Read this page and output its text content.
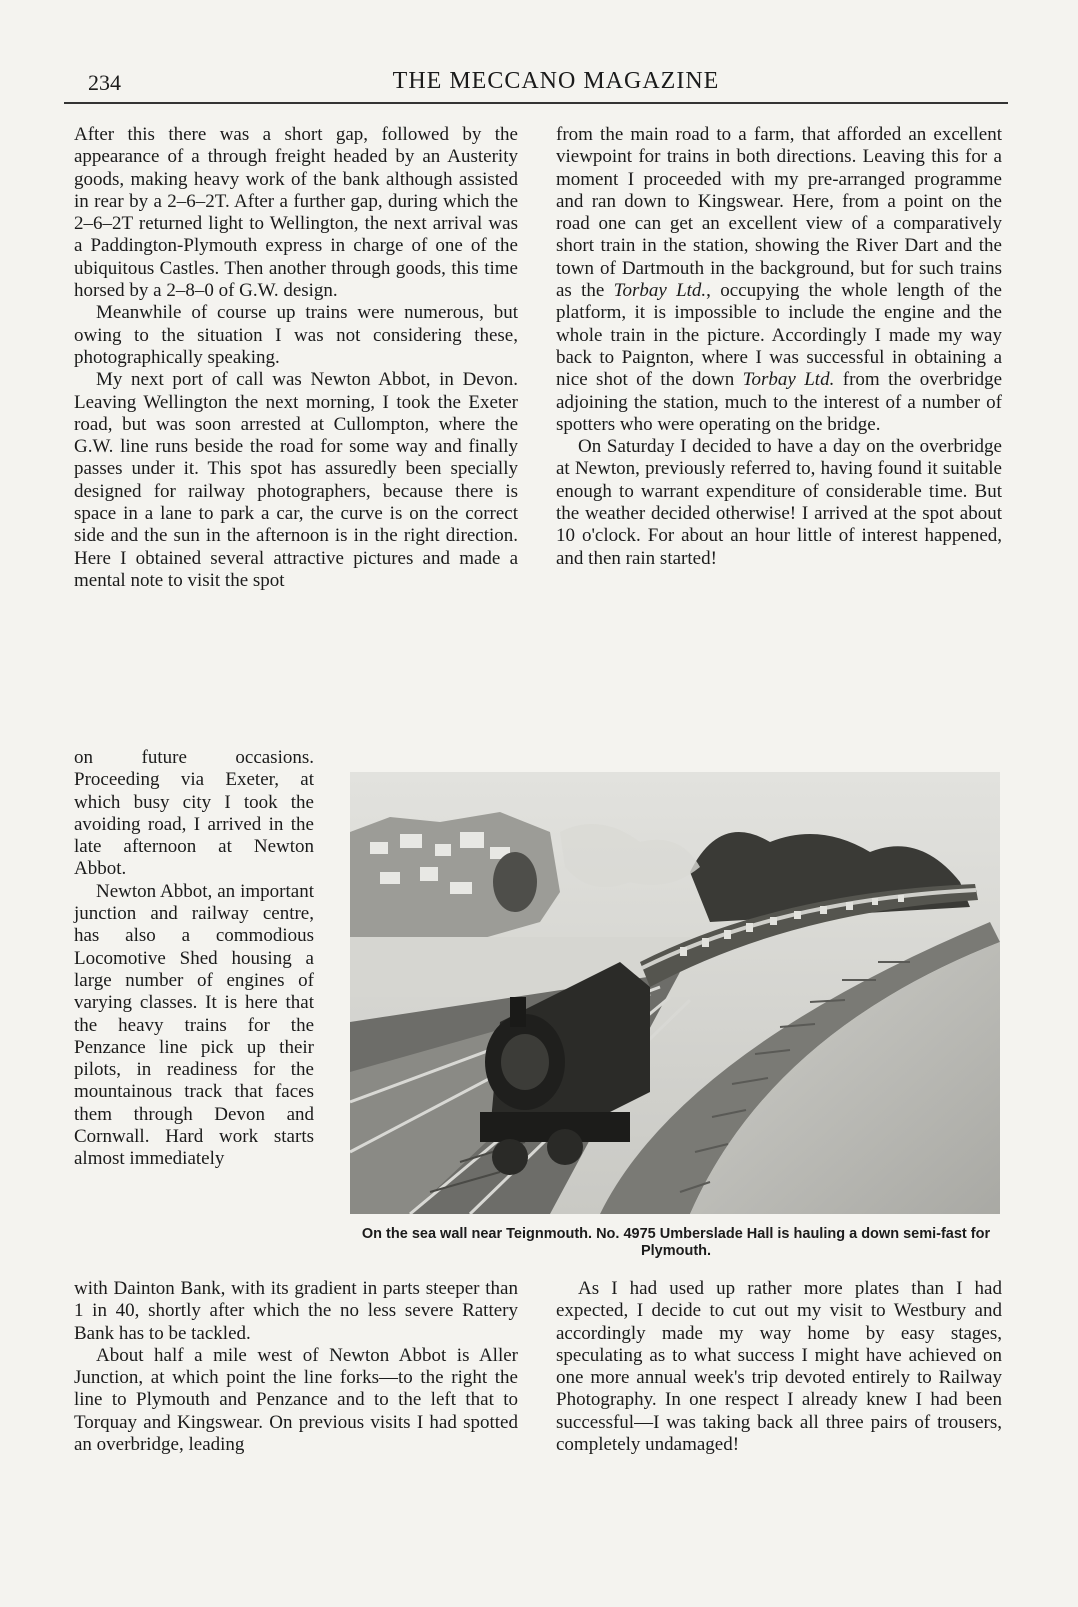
234	THE MECCANO MAGAZINE

After this there was a short gap, followed by the appearance of a through freight headed by an Austerity goods, making heavy work of the bank although assisted in rear by a 2–6–2T. After a further gap, during which the 2–6–2T returned light to Wellington, the next arrival was a Paddington-Plymouth express in charge of one of the ubiquitous Castles. Then another through goods, this time horsed by a 2–8–0 of G.W. design.

Meanwhile of course up trains were numerous, but owing to the situation I was not considering these, photographically speaking.

My next port of call was Newton Abbot, in Devon. Leaving Wellington the next morning, I took the Exeter road, but was soon arrested at Cullompton, where the G.W. line runs beside the road for some way and finally passes under it. This spot has assuredly been specially designed for railway photographers, because there is space in a lane to park a car, the curve is on the correct side and the sun in the afternoon is in the right direction. Here I obtained several attractive pictures and made a mental note to visit the spot

on future occasions. Proceeding via Exeter, at which busy city I took the avoiding road, I arrived in the late afternoon at Newton Abbot.

Newton Abbot, an important junction and railway centre, has also a commodious Locomotive Shed housing a large number of engines of varying classes. It is here that the heavy trains for the Penzance line pick up their pilots, in readiness for the mountainous track that faces them through Devon and Cornwall. Hard work starts almost immediately

with Dainton Bank, with its gradient in parts steeper than 1 in 40, shortly after which the no less severe Rattery Bank has to be tackled.

About half a mile west of Newton Abbot is Aller Junction, at which point the line forks—to the right the line to Plymouth and Penzance and to the left that to Torquay and Kingswear. On previous visits I had spotted an overbridge, leading

from the main road to a farm, that afforded an excellent viewpoint for trains in both directions. Leaving this for a moment I proceeded with my pre-arranged programme and ran down to Kingswear. Here, from a point on the road one can get an excellent view of a comparatively short train in the station, showing the River Dart and the town of Dartmouth in the background, but for such trains as the Torbay Ltd., occupying the whole length of the platform, it is impossible to include the engine and the whole train in the picture. Accordingly I made my way back to Paignton, where I was successful in obtaining a nice shot of the down Torbay Ltd. from the overbridge adjoining the station, much to the interest of a number of spotters who were operating on the bridge.

On Saturday I decided to have a day on the overbridge at Newton, previously referred to, having found it suitable enough to warrant expenditure of considerable time. But the weather decided otherwise! I arrived at the spot about 10 o'clock. For about an hour little of interest happened, and then rain started!

On the sea wall near Teignmouth. No. 4975 Umberslade Hall is hauling a down semi-fast for Plymouth.

As I had used up rather more plates than I had expected, I decide to cut out my visit to Westbury and accordingly made my way home by easy stages, speculating as to what success I might have achieved on one more annual week's trip devoted entirely to Railway Photography. In one respect I already knew I had been successful—I was taking back all three pairs of trousers, completely undamaged!
